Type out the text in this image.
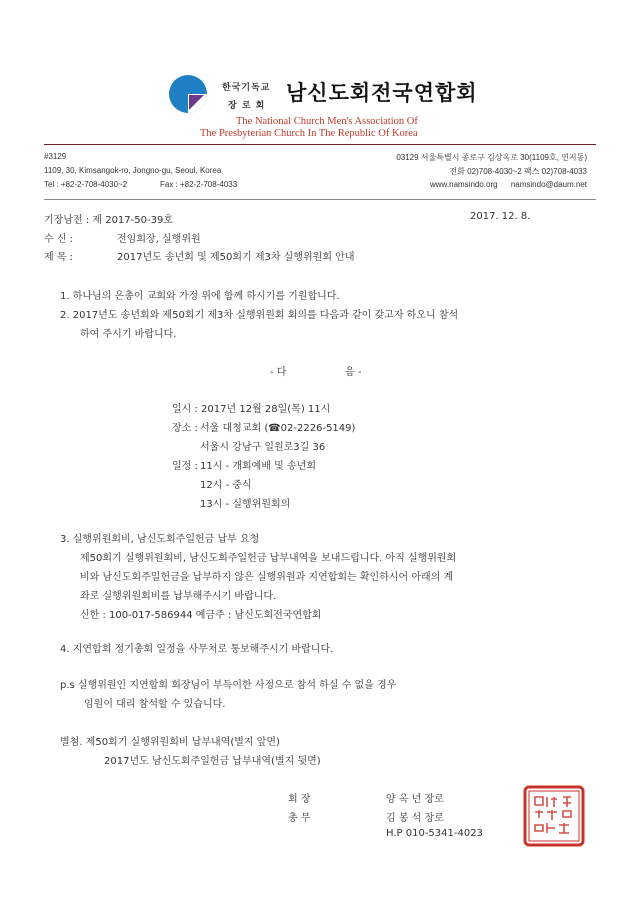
한국기독교
장 로 회
남신도회전국연합회
The National Church Men's Association Of
The Presbyterian Church In The Republic Of Korea
#3129
1109, 30, Kimsangok-ro, Jongno-gu, Seoul, Korea
Tel : +82-2-708-4030~2	Fax : +82-2-708-4033
03129 서울특별시 종로구 김상옥로 30(1109호, 연지동)
전화 02)708-4030~2 팩스 02)708-4033
www.namsindo.org namsindo@daum.net
기장남전 : 제 2017-50-39호	2017. 12. 8.
수 신 :	전임회장, 실행위원
제 목 :	2017년도 송년회 및 제50회기 제3차 실행위원회 안내
1. 하나님의 은총이 교회와 가정 위에 함께 하시기를 기원합니다.
2. 2017년도 송년회와 제50회기 제3차 실행위원회 회의를 다음과 같이 갖고자 하오니 참석
하여 주시기 바랍니다.
- 다	음 -
일시 : 2017년 12월 28일(목) 11시
장소 : 서울 대청교회 (☎02-2226-5149)
서울시 강남구 일원로3길 36
일정 : 11시 - 개회예배 및 송년회
12시 - 중식
13시 - 실행위원회의
3. 실행위원회비, 남신도회주일헌금 납부 요청
제50회기 실행위원회비, 남신도회주일헌금 납부내역을 보내드립니다. 아직 실행위원회
비와 남신도회주일헌금을 납부하지 않은 실행위원과 지연합회는 확인하시어 아래의 계
좌로 실행위원회비를 납부해주시기 바랍니다.
신한 : 100-017-586944 예금주 : 남신도회전국연합회
4. 지연합회 정기총회 일정을 사무처로 통보해주시기 바랍니다.
p.s 실행위원인 지연합회 회장님이 부득이한 사정으로 참석 하실 수 없을 경우
임원이 대리 참석할 수 있습니다.
별첨. 제50회기 실행위원회비 납부내역(별지 앞면)
2017년도 남신도회주일헌금 납부내역(별지 뒷면)
회 장	양 옥 년 장로
총 무	김 봉 석 장로
H.P 010-5341-4023
